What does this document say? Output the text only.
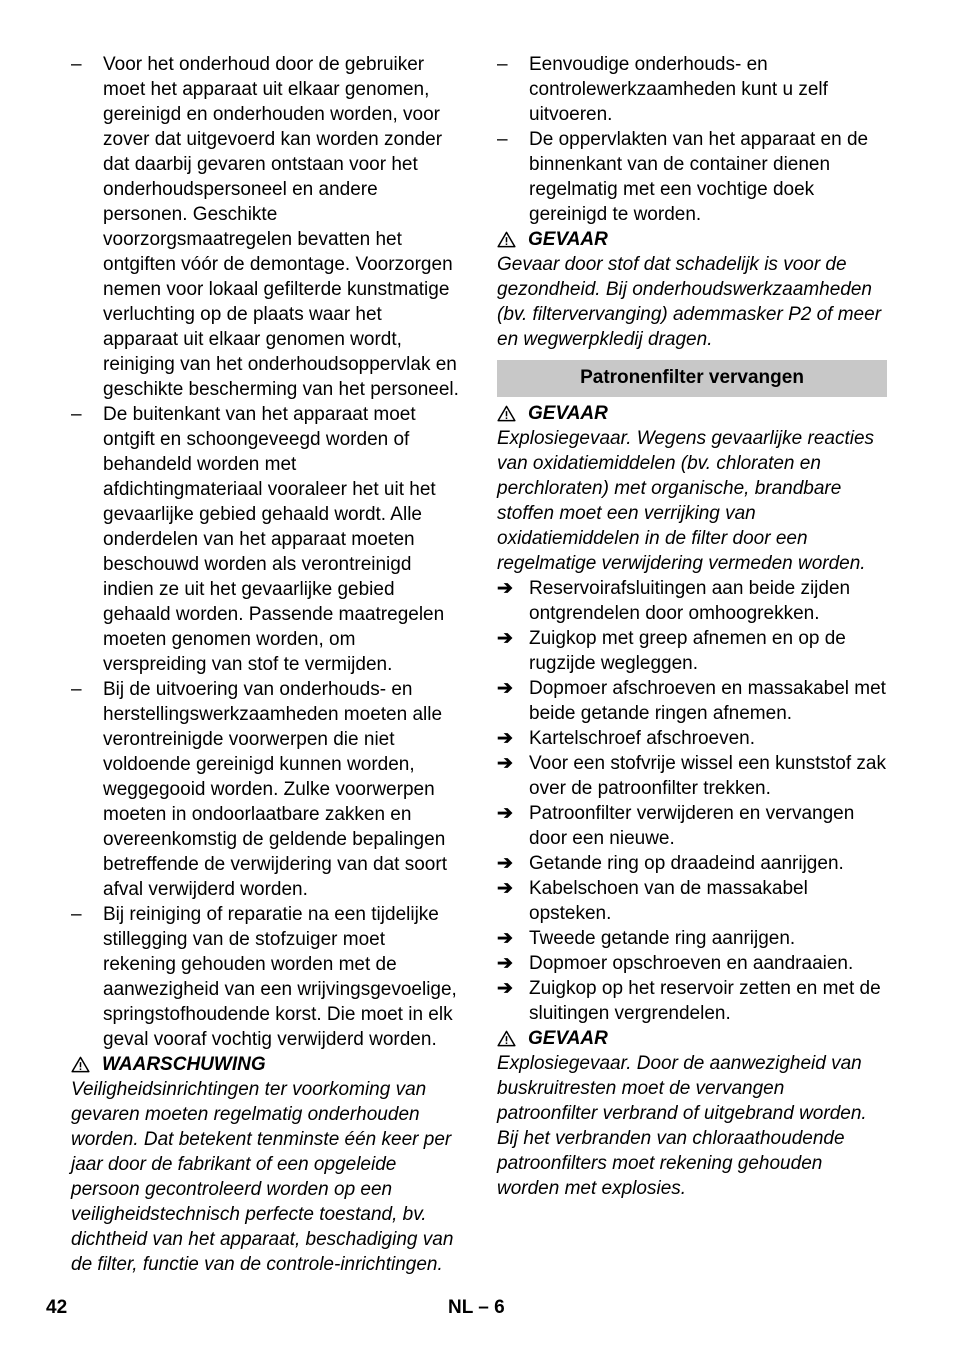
– Voor het onderhoud door de gebruiker moet het apparaat uit elkaar genomen, gereinigd en onderhouden worden, voor zover dat uitgevoerd kan worden zonder dat daarbij gevaren ontstaan voor het onderhoudspersoneel en andere personen. Geschikte voorzorgsmaatregelen bevatten het ontgiften vóór de demontage. Voorzorgen nemen voor lokaal gefilterde kunstmatige verluchting op de plaats waar het apparaat uit elkaar genomen wordt, reiniging van het onderhoudsoppervlak en geschikte bescherming van het personeel.
– De buitenkant van het apparaat moet ontgift en schoongeveegd worden of behandeld worden met afdichtingmateriaal vooraleer het uit het gevaarlijke gebied gehaald wordt. Alle onderdelen van het apparaat moeten beschouwd worden als verontreinigd indien ze uit het gevaarlijke gebied gehaald worden. Passende maatregelen moeten genomen worden, om verspreiding van stof te vermijden.
– Bij de uitvoering van onderhouds- en herstellingswerkzaamheden moeten alle verontreinigde voorwerpen die niet voldoende gereinigd kunnen worden, weggegooid worden. Zulke voorwerpen moeten in ondoorlaatbare zakken en overeenkomstig de geldende bepalingen betreffende de verwijdering van dat soort afval verwijderd worden.
– Bij reiniging of reparatie na een tijdelijke stillegging van de stofzuiger moet rekening gehouden worden met de aanwezigheid van een wrijvingsgevoelige, springstofhoudende korst. Die moet in elk geval vooraf vochtig verwijderd worden.
WAARSCHUWING
Veiligheidsinrichtingen ter voorkoming van gevaren moeten regelmatig onderhouden worden. Dat betekent tenminste één keer per jaar door de fabrikant of een opgeleide persoon gecontroleerd worden op een veiligheidstechnisch perfecte toestand, bv. dichtheid van het apparaat, beschadiging van de filter, functie van de controle-inrichtingen.
– Eenvoudige onderhouds- en controlewerkzaamheden kunt u zelf uitvoeren.
– De oppervlakten van het apparaat en de binnenkant van de container dienen regelmatig met een vochtige doek gereinigd te worden.
GEVAAR
Gevaar door stof dat schadelijk is voor de gezondheid. Bij onderhoudswerkzaamheden (bv. filtervervanging) ademmasker P2 of meer en wegwerpkledij dragen.
Patronenfilter vervangen
GEVAAR
Explosiegevaar. Wegens gevaarlijke reacties van oxidatiemiddelen (bv. chloraten en perchloraten) met organische, brandbare stoffen moet een verrijking van oxidatiemiddelen in de filter door een regelmatige verwijdering vermeden worden.
➔ Reservoirafsluitingen aan beide zijden ontgrendelen door omhoogrekken.
➔ Zuigkop met greep afnemen en op de rugzijde wegleggen.
➔ Dopmoer afschroeven en massakabel met beide getande ringen afnemen.
➔ Kartelschroef afschroeven.
➔ Voor een stofvrije wissel een kunststof zak over de patroonfilter trekken.
➔ Patroonfilter verwijderen en vervangen door een nieuwe.
➔ Getande ring op draadeind aanrijgen.
➔ Kabelschoen van de massakabel opsteken.
➔ Tweede getande ring aanrijgen.
➔ Dopmoer opschroeven en aandraaien.
➔ Zuigkop op het reservoir zetten en met de sluitingen vergrendelen.
GEVAAR
Explosiegevaar. Door de aanwezigheid van buskruitresten moet de vervangen patroonfilter verbrand of uitgebrand worden. Bij het verbranden van chloraathoudende patroonfilters moet rekening gehouden worden met explosies.
42	NL – 6
